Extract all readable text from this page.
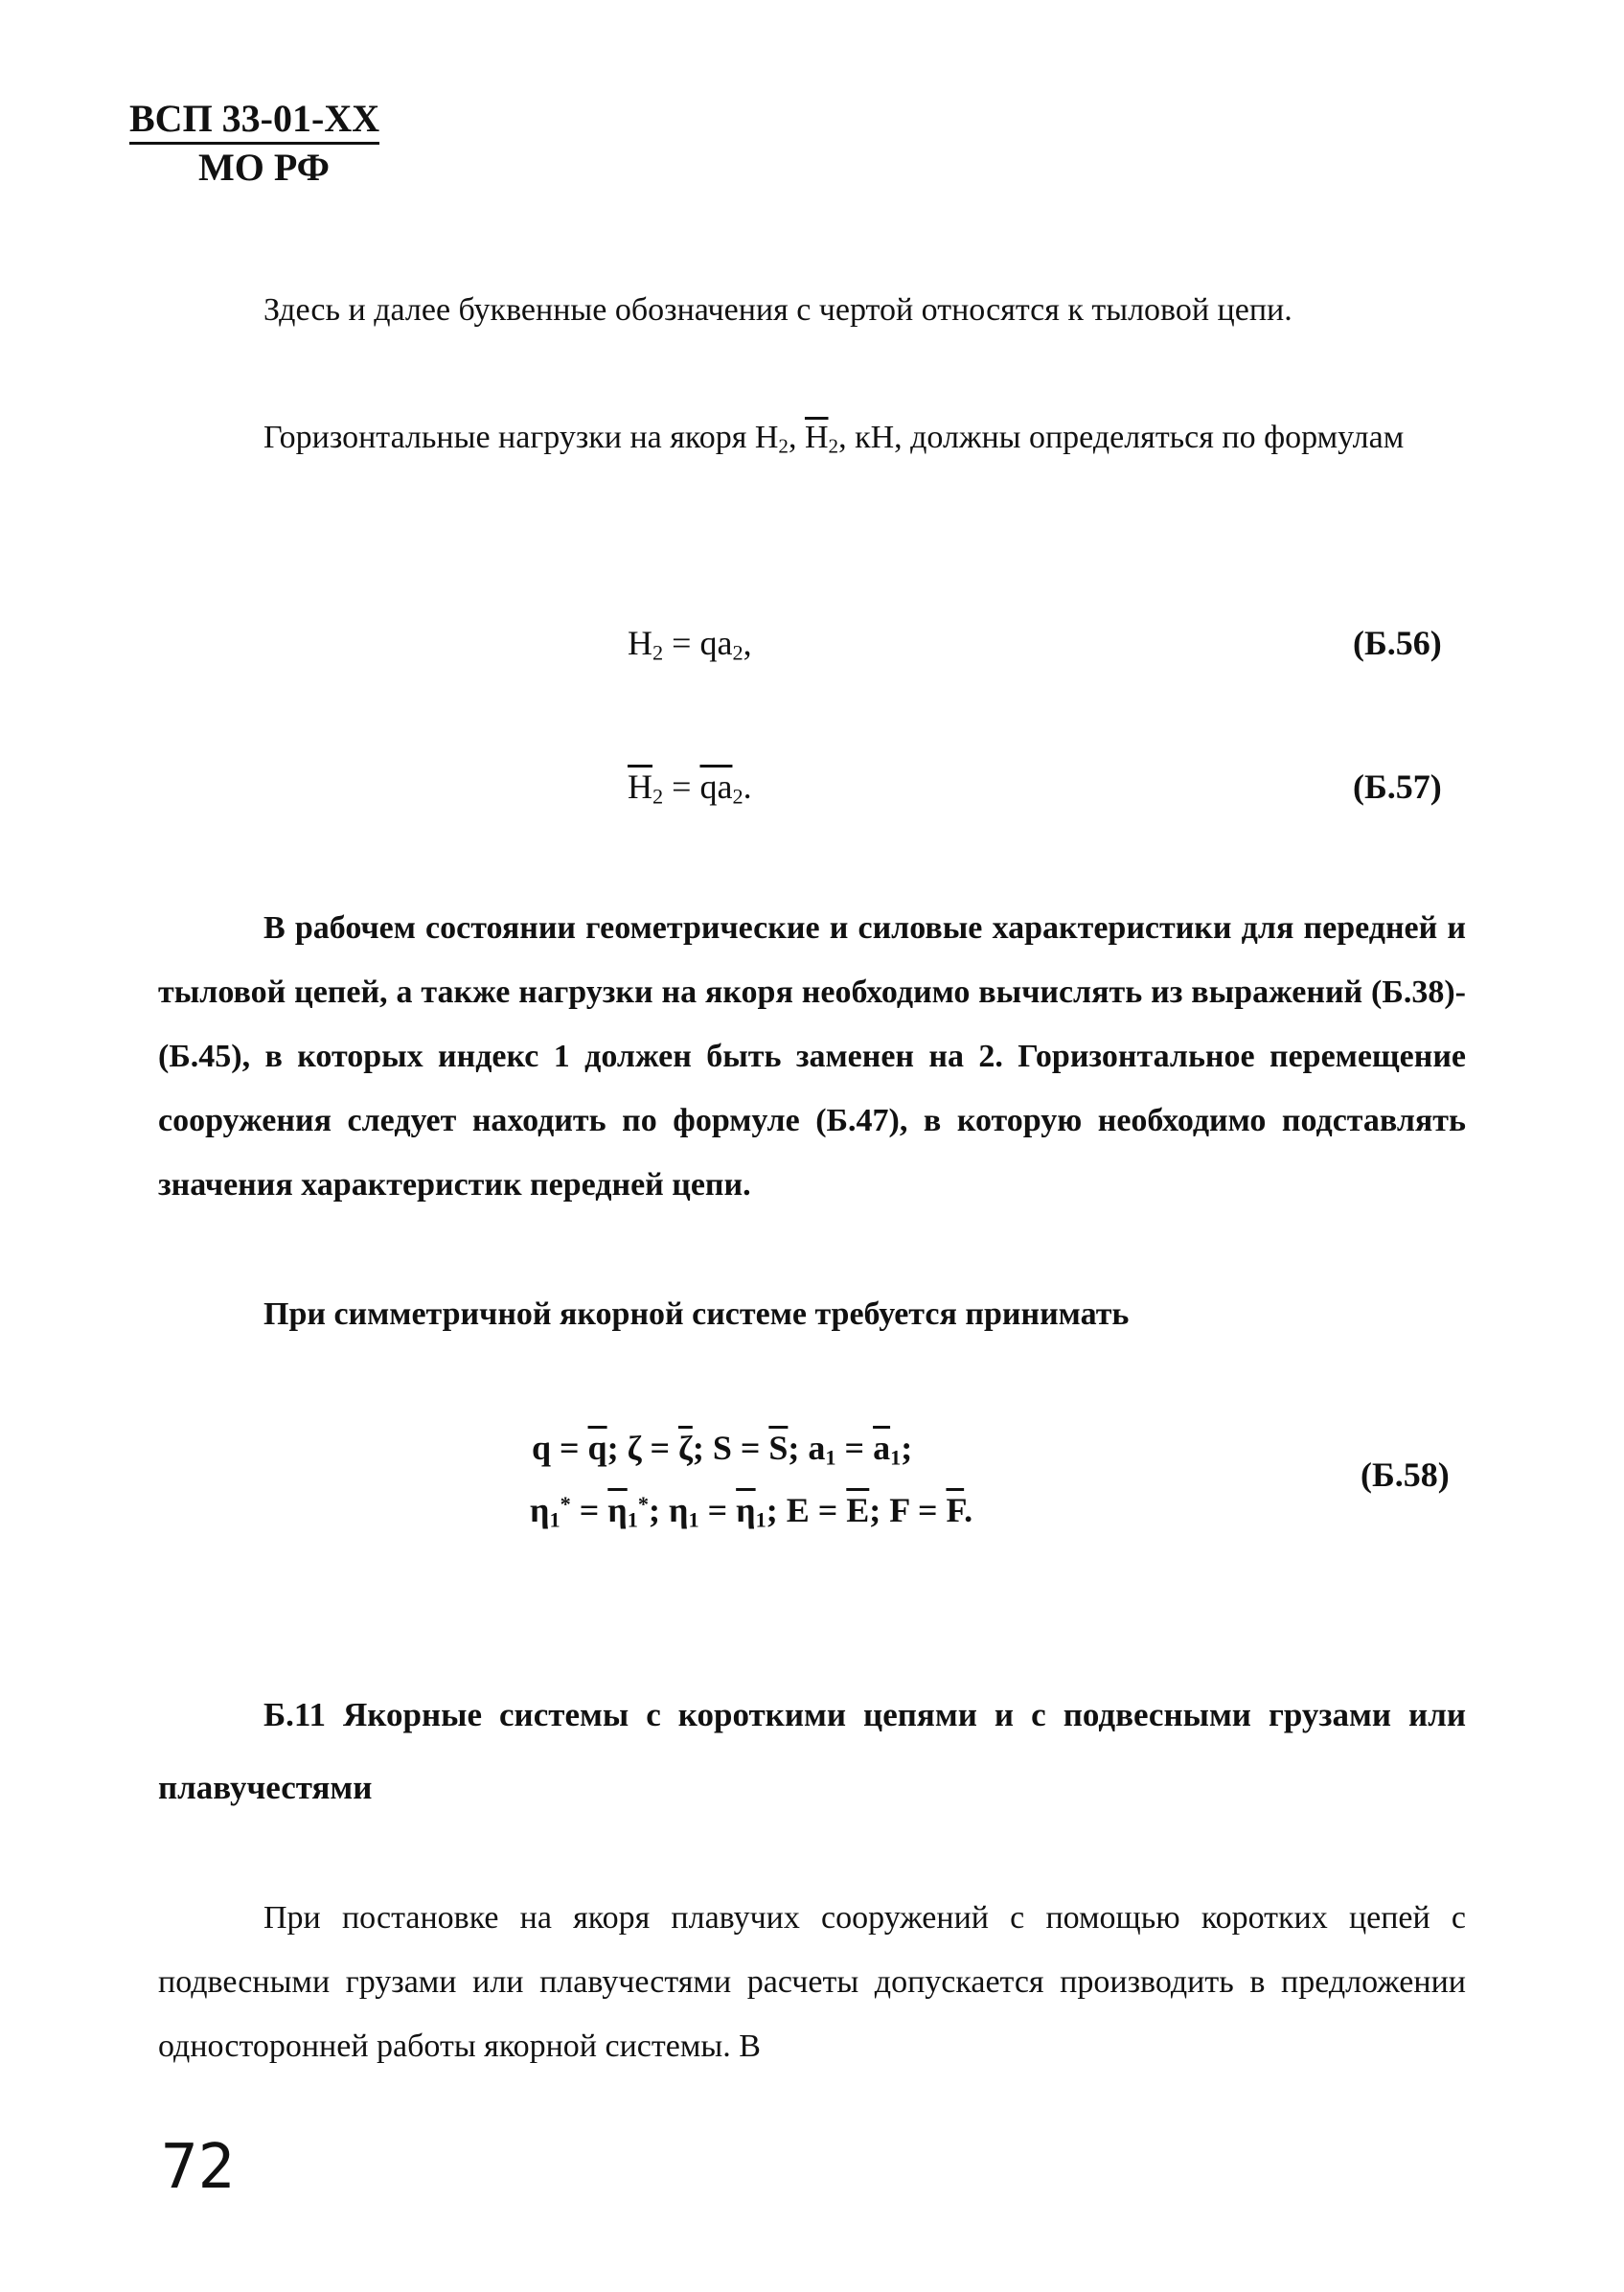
ВСП 33-01-XX
МО РФ
Здесь и далее буквенные обозначения с чертой относятся к тыловой цепи.
Горизонтальные нагрузки на якоря $H_2$, $\overline{H}_2$, кН, должны определяться по формулам
$H_2 = qa_2$,	(Б.56)
$\overline{H}_2 = \overline{qa}_2$.	(Б.57)
В рабочем состоянии геометрические и силовые характеристики для передней и тыловой цепей, а также нагрузки на якоря необходимо вычислять из выражений (Б.38)-(Б.45), в которых индекс 1 должен быть заменен на 2. Горизонтальное перемещение сооружения следует находить по формуле (Б.47), в которую необходимо подставлять значения характеристик передней цепи.
При симметричной якорной системе требуется принимать
$q = \overline{q}$; $\zeta = \overline{\zeta}$; $S = \overline{S}$; $a_1 = \overline{a}_1$;
$\eta_1^* = \overline{\eta}_1^*$; $\eta_1 = \overline{\eta}_1$; $E = \overline{E}$; $F = \overline{F}$.
(Б.58)
Б.11 Якорные системы с короткими цепями и с подвесными грузами или плавучестями
При постановке на якоря плавучих сооружений с помощью коротких цепей с подвесными грузами или плавучестями расчеты допускается производить в предложении односторонней работы якорной системы. В
72
